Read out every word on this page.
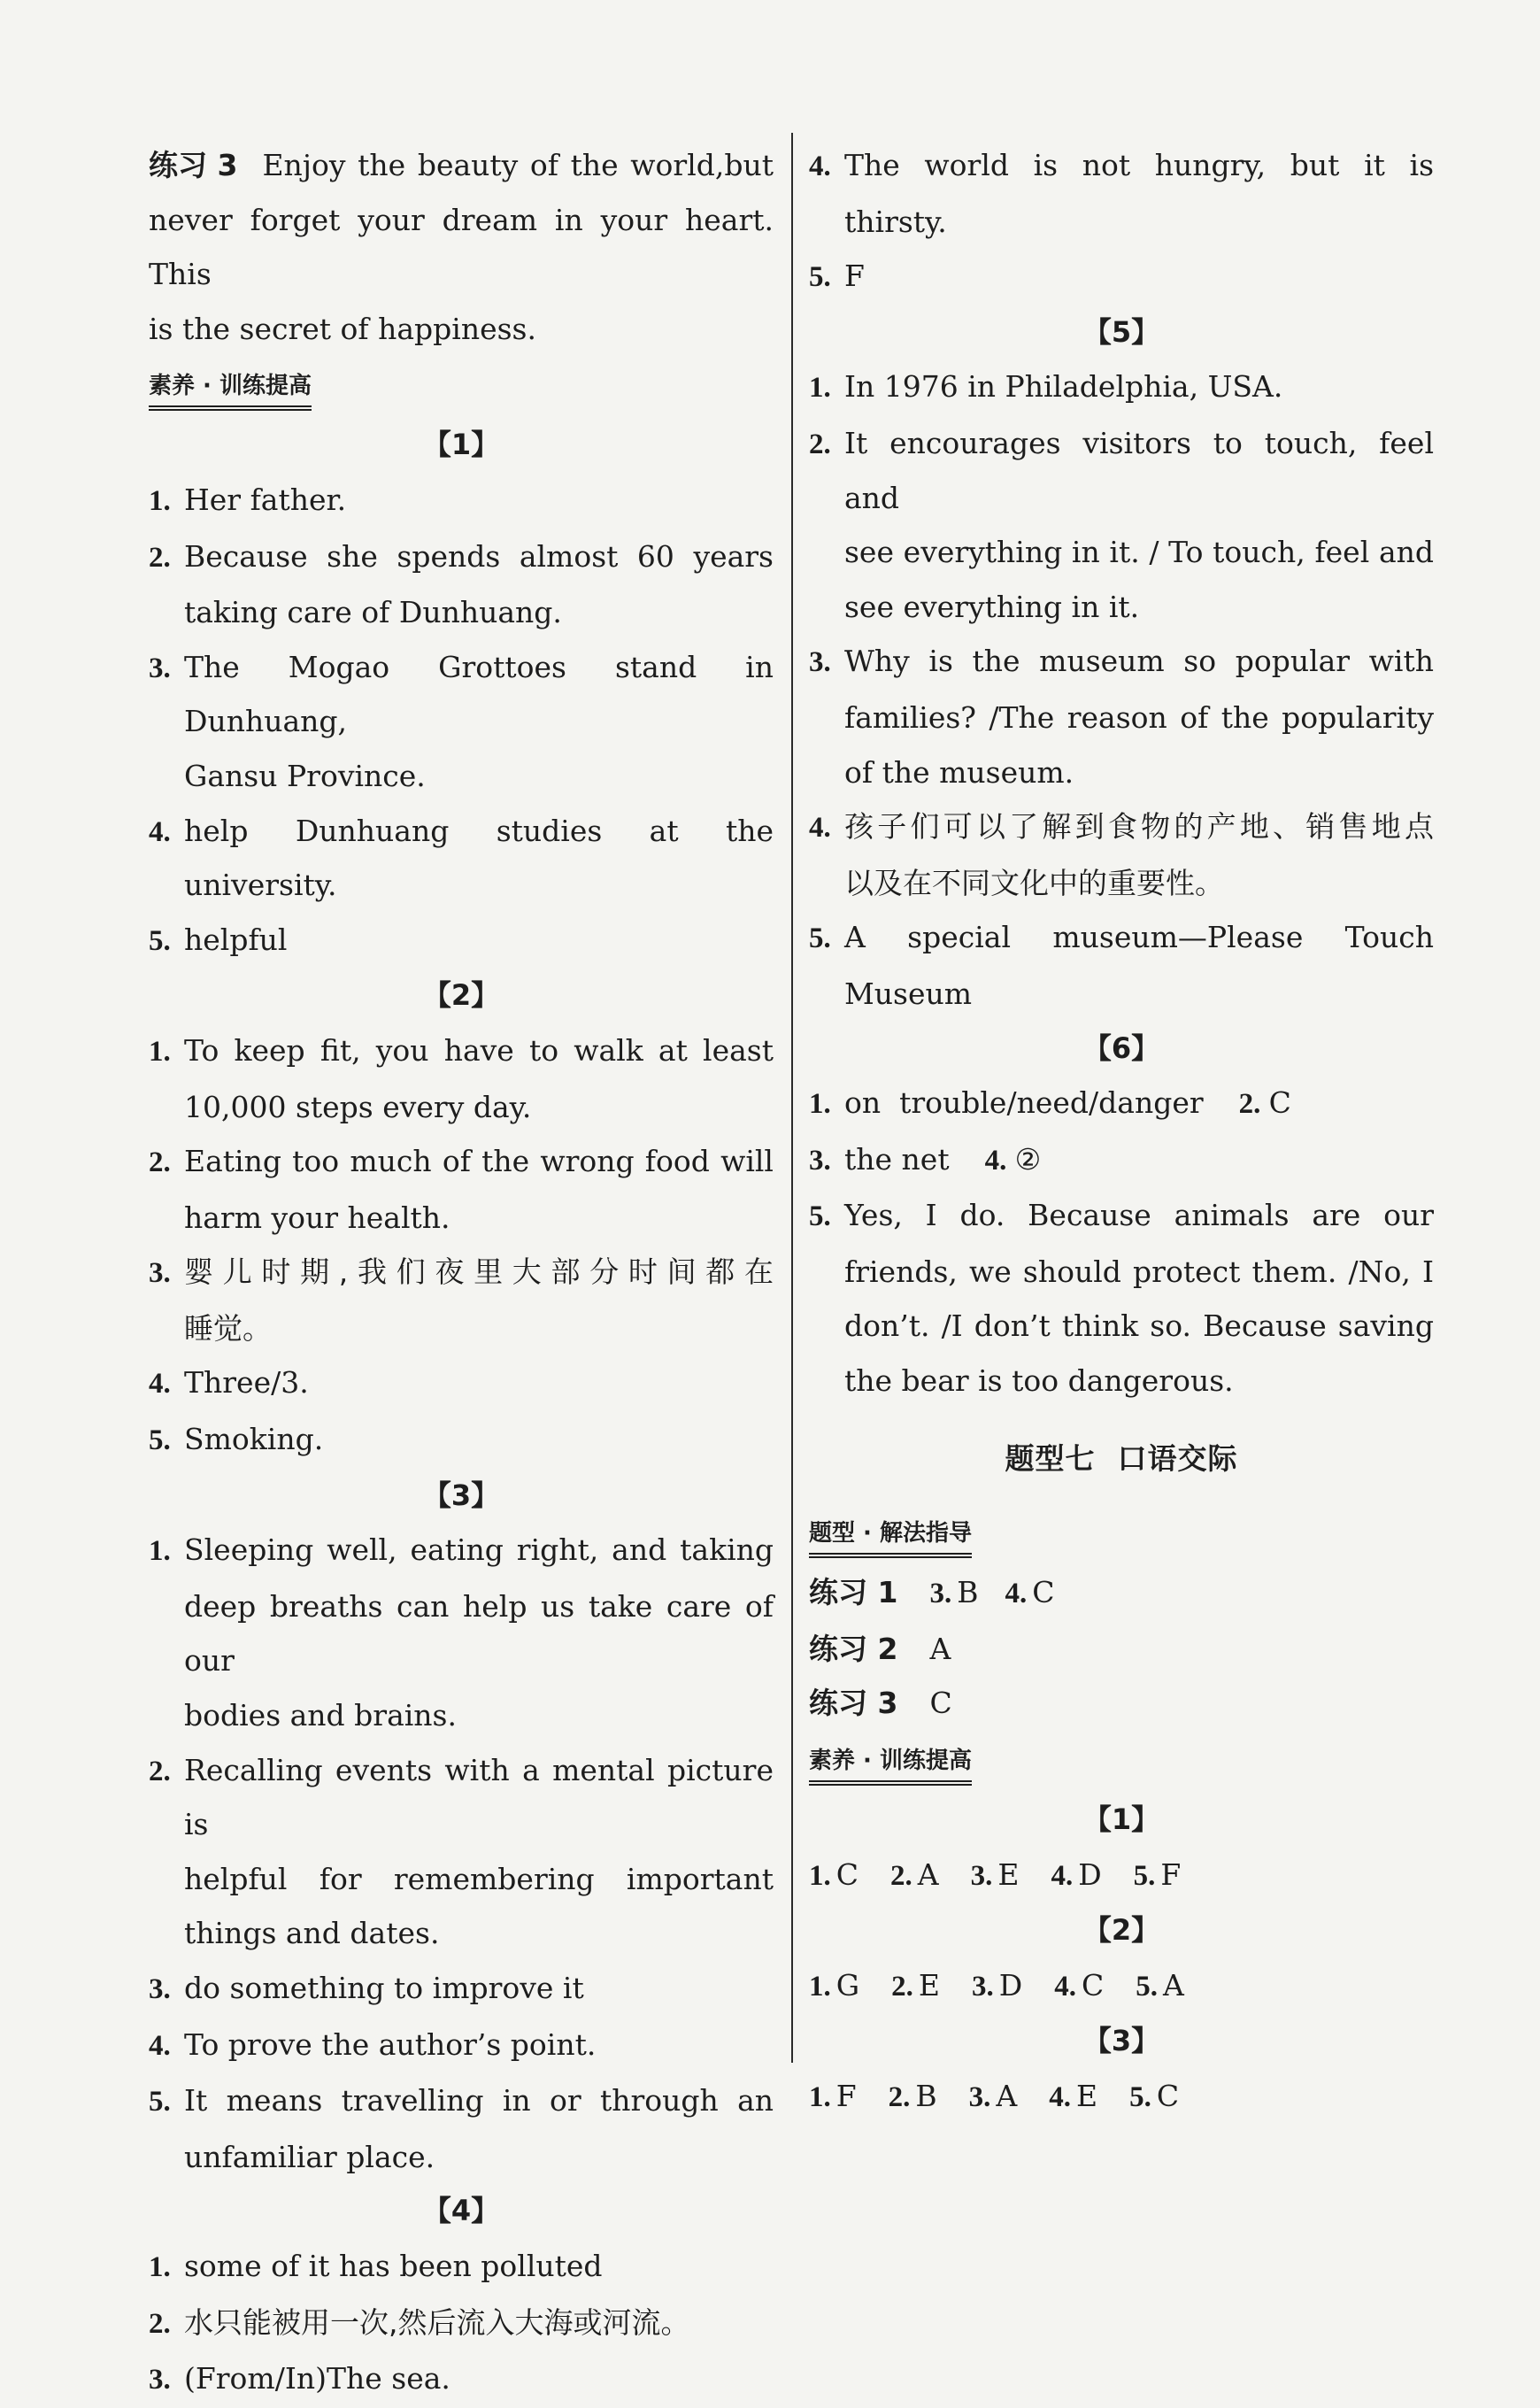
练习 3 Enjoy the beauty of the world,but
never forget your dream in your heart. This
is the secret of happiness.
素养 · 训练提高
【1】
1. Her father.
2. Because she spends almost 60 years
taking care of Dunhuang.
3. The Mogao Grottoes stand in Dunhuang,
Gansu Province.
4. help Dunhuang studies at the university.
5. helpful
【2】
1. To keep fit, you have to walk at least
10,000 steps every day.
2. Eating too much of the wrong food will
harm your health.
3. 婴儿时期,我们夜里大部分时间都在
睡觉。
4. Three/3.
5. Smoking.
【3】
1. Sleeping well, eating right, and taking
deep breaths can help us take care of our
bodies and brains.
2. Recalling events with a mental picture is
helpful for remembering important
things and dates.
3. do something to improve it
4. To prove the author’s point.
5. It means travelling in or through an
unfamiliar place.
【4】
1. some of it has been polluted
2. 水只能被用一次,然后流入大海或河流。
3. (From/In)The sea.
4. The world is not hungry, but it is
thirsty.
5. F
【5】
1. In 1976 in Philadelphia, USA.
2. It encourages visitors to touch, feel and
see everything in it. / To touch, feel and
see everything in it.
3. Why is the museum so popular with
families? /The reason of the popularity
of the museum.
4. 孩子们可以了解到食物的产地、销售地点
以及在不同文化中的重要性。
5. A special museum—Please Touch
Museum
【6】
1. on  trouble/need/danger 2. C
3. the net 4. ②
5. Yes, I do. Because animals are our
friends, we should protect them. /No, I
don’t. /I don’t think so. Because saving
the bear is too dangerous.
题型七  口语交际
题型 · 解法指导
练习 1 3. B 4. C
练习 2 A
练习 3 C
素养 · 训练提高
【1】
1. C 2. A 3. E 4. D 5. F
【2】
1. G 2. E 3. D 4. C 5. A
【3】
1. F 2. B 3. A 4. E 5. C
